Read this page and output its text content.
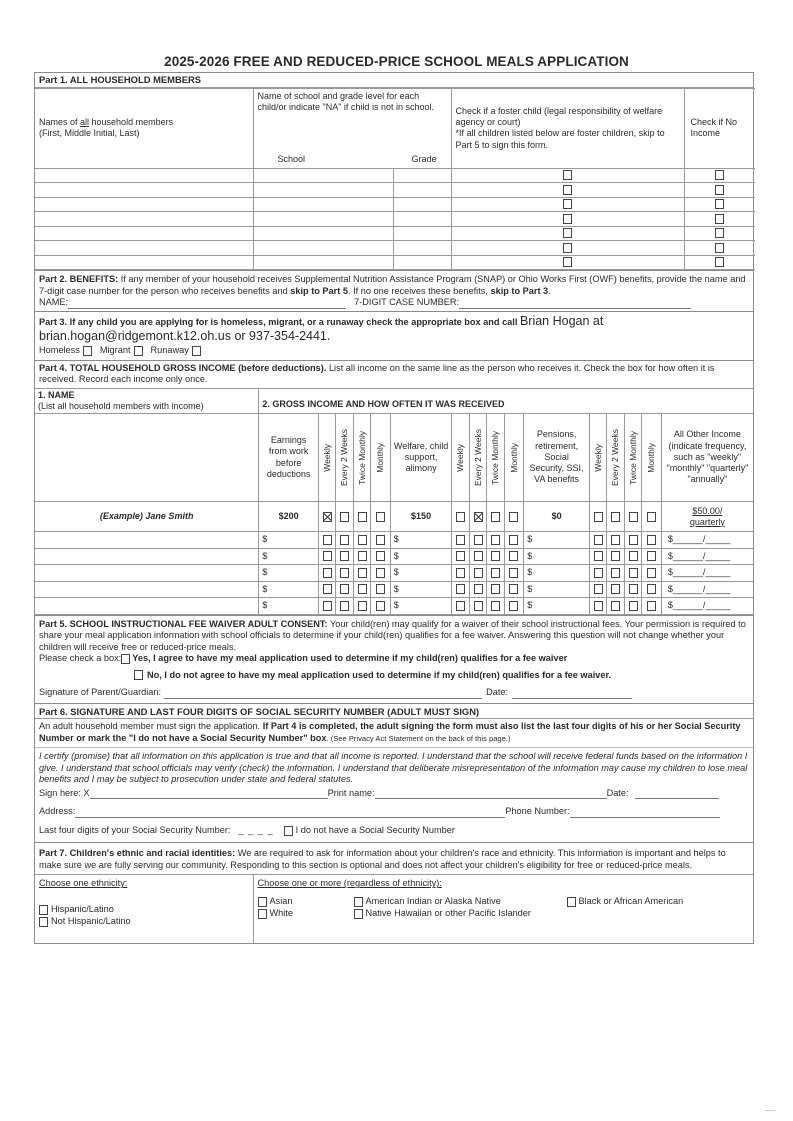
2025-2026 FREE AND REDUCED-PRICE SCHOOL MEALS APPLICATION
Part 1. ALL HOUSEHOLD MEMBERS
Names of all household members
(First, Middle Initial, Last)	
Name of school and grade level for each child/or indicate "NA" if child is not in school.
School	Grade

Check if a foster child (legal responsibility of welfare agency or court)
*If all children listed below are foster children, skip to Part 5 to sign this form.
	Check if No Income

Part 2. BENEFITS: If any member of your household receives Supplemental Nutrition Assistance Program (SNAP) or Ohio Works First (OWF) benefits, provide the name and 7-digit case number for the person who receives benefits and skip to Part 5. If no one receives these benefits, skip to Part 3.
NAME:	7-DIGIT CASE NUMBER:
Part 3. If any child you are applying for is homeless, migrant, or a runaway check the appropriate box and call Brian Hogan at
brian.hogan@ridgemont.k12.oh.us or 937-354-2441.
Homeless Migrant Runaway
Part 4. TOTAL HOUSEHOLD GROSS INCOME (before deductions). List all income on the same line as the person who receives it. Check the box for how often it is received. Record each income only once.
1. NAME
(List all household members with income)	2. GROSS INCOME AND HOW OFTEN IT WAS RECEIVED															
	Earnings from work before deductions	Weekly	Every 2 Weeks	Twice Monthly	Monthly	Welfare, child support, alimony	Weekly	Every 2 Weeks	Twice Monthly	Monthly	Pensions, retirement, Social Security, SSI, VA benefits	Weekly	Every 2 Weeks	Twice Monthly	Monthly	All Other Income (indicate frequency, such as "weekly" "monthly" "quarterly" "annually"
(Example) Jane Smith	$200					$150					$0					$50.00/
quarterly

	$					$					$					$______/_____
	$					$					$					$______/_____
	$					$					$					$______/_____
	$					$					$					$______/_____
	$					$					$					$______/_____
Part 5. SCHOOL INSTRUCTIONAL FEE WAIVER ADULT CONSENT: Your child(ren) may qualify for a waiver of their school instructional fees. Your permission is required to share your meal application information with school officials to determine if your child(ren) qualifies for a fee waiver. Answering this question will not change whether your children will receive free or reduced-price meals.
Please check a box: Yes, I agree to have my meal application used to determine if my child(ren) qualifies for a fee waiver
No, I do not agree to have my meal application used to determine if my child(ren) qualifies for a fee waiver.
Signature of Parent/Guardian:	Date:
Part 6. SIGNATURE AND LAST FOUR DIGITS OF SOCIAL SECURITY NUMBER (ADULT MUST SIGN)
An adult household member must sign the application. If Part 4 is completed, the adult signing the form must also list the last four digits of his or her Social Security Number or mark the "I do not have a Social Security Number" box. (See Privacy Act Statement on the back of this page.)
I certify (promise) that all information on this application is true and that all income is reported. I understand that the school will receive federal funds based on the information I give. I understand that school officials may verify (check) the information. I understand that deliberate misrepresentation of the information may cause my children to lose meal benefits and I may be subject to prosecution under state and federal statutes.
Sign here: X	Print name:	Date:
Address:	Phone Number:
Last four digits of your Social Security Number: _ _ _ _ I do not have a Social Security Number
Part 7. Children's ethnic and racial identities: We are required to ask for information about your children's race and ethnicity. This information is important and helps to make sure we are fully serving our community. Responding to this section is optional and does not affect your children's eligibility for free or reduced-price meals.
Choose one ethnicity:
Hispanic/Latino
Not Hispanic/Latino

Choose one or more (regardless of ethnicity):
Asian	American Indian or Alaska Native	Black or African American
White	Native Hawaiian or other Pacific Islander
